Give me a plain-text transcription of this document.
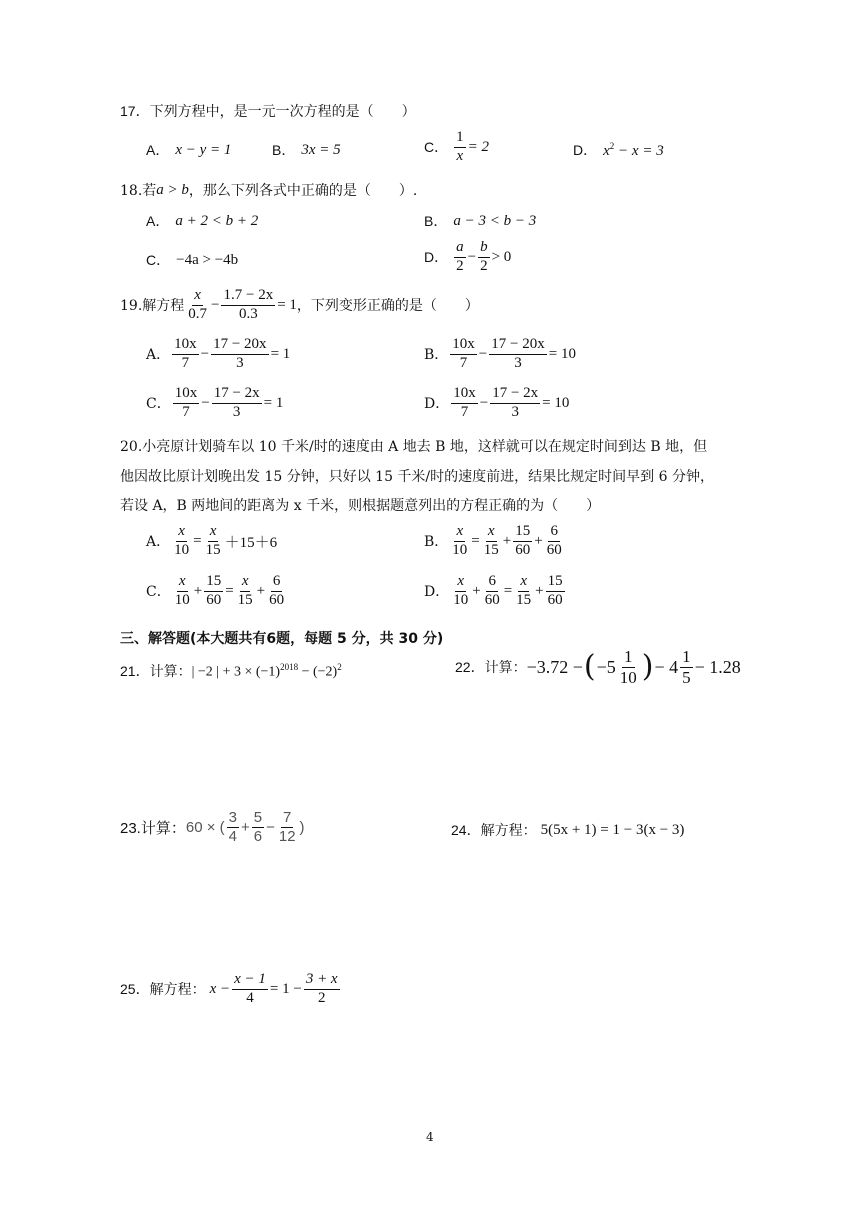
17．下列方程中，是一元一次方程的是（　　）
A． x − y = 1	B． 3x = 5	C． $\frac{1}{x} = 2$	D． $x^2 - x = 3$
18.若 a > b ，那么下列各式中正确的是（　　）.
A． a + 2 < b + 2	B． a − 3 < b − 3
C． −4a > −4b	D． $\frac{a}{2} - \frac{b}{2} > 0$
19.解方程 $\frac{x}{0.7} - \frac{1.7 - 2x}{0.3} = 1$ ，下列变形正确的是（　　）
A． $\frac{10x}{7} - \frac{17 - 20x}{3} = 1$	B． $\frac{10x}{7} - \frac{17 - 20x}{3} = 10$
C． $\frac{10x}{7} - \frac{17 - 2x}{3} = 1$	D． $\frac{10x}{7} - \frac{17 - 2x}{3} = 10$
20.小亮原计划骑车以 10 千米/时的速度由 A 地去 B 地，这样就可以在规定时间到达 B 地，但
他因故比原计划晚出发 15 分钟，只好以 15 千米/时的速度前进，结果比规定时间早到 6 分钟，
若设 A，B 两地间的距离为 x 千米，则根据题意列出的方程正确的为（　　）
A． $\frac{x}{10} = \frac{x}{15} +15+6$	B． $\frac{x}{10} = \frac{x}{15} + \frac{15}{60} + \frac{6}{60}$
C． $\frac{x}{10} + \frac{15}{60} = \frac{x}{15} + \frac{6}{60}$	D． $\frac{x}{10} + \frac{6}{60} = \frac{x}{15} + \frac{15}{60}$
三、解答题(本大题共有6题，每题 5 分，共 30 分)
21．计算： | −2 | + $3 \times (-1)^{2018} - (-2)^2$	22．计算： −3.72 − ( $-5 \frac{1}{10}$ ) − $4 \frac{1}{5} - 1.28$
23.计算： 60 × ( $\frac{3}{4} + \frac{5}{6} - \frac{7}{12}$ )	24．解方程： 5(5x + 1) = 1 − 3(x − 3)
25．解方程： $x - \frac{x - 1}{4} = 1 - \frac{3 + x}{2}$
4
